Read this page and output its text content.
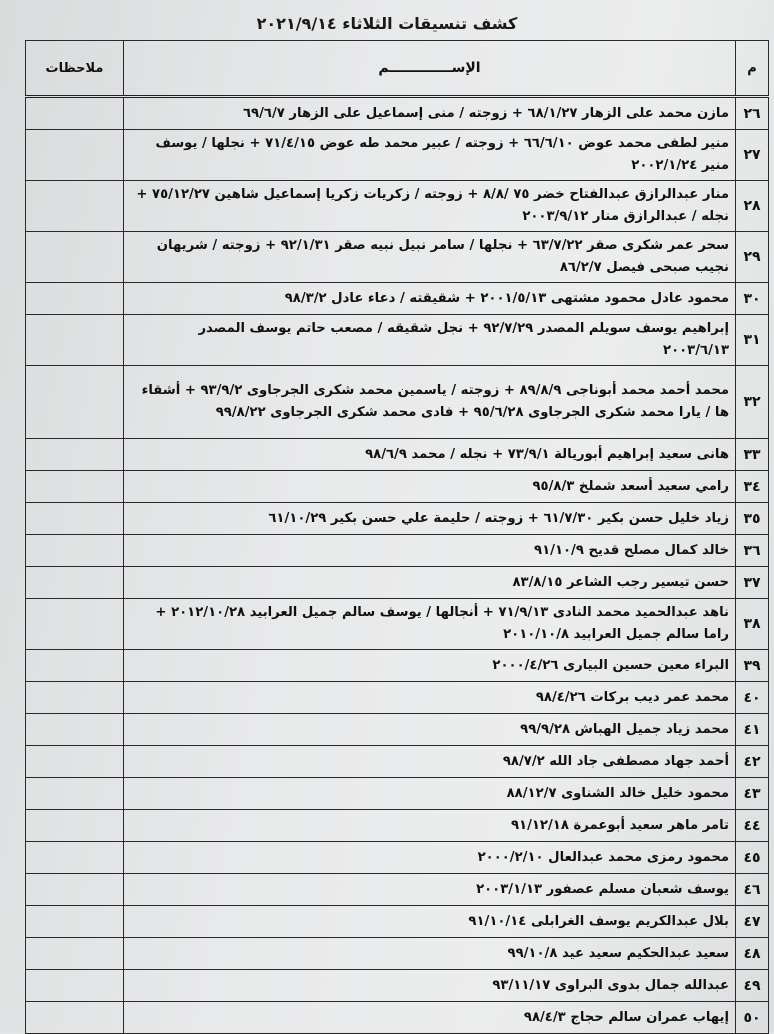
كشف تنسيقات الثلاثاء ٢٠٢١/٩/١٤
م	الإســـــــــــــم	ملاحظات
٢٦	مازن محمد على الزهار ٦٨/١/٢٧ + زوجته / منى إسماعيل على الزهار ٦٩/٦/٧	
٢٧	منير لطفى محمد عوض ٦٦/٦/١٠ + زوجته / عبير محمد طه عوض ٧١/٤/١٥ + نجلها / يوسف منير ٢٠٠٢/١/٢٤	
٢٨	منار عبدالرازق عبدالفتاح خضر ٧٥ /٨/٨ + زوجته / زكريات زكريا إسماعيل شاهين ٧٥/١٢/٢٧ + نجله / عبدالرازق منار ٢٠٠٣/٩/١٢	
٢٩	سحر عمر شكرى صقر ٦٣/٧/٢٢ + نجلها / سامر نبيل نبيه صقر ٩٢/١/٣١ + زوجته / شريهان نجيب صبحى فيصل ٨٦/٢/٧	
٣٠	محمود عادل محمود مشتهى ٢٠٠١/٥/١٣ + شقيقته / دعاء عادل ٩٨/٣/٢	
٣١	إبراهيم يوسف سويلم المصدر ٩٢/٧/٢٩ + نجل شقيقه / مصعب حاتم يوسف المصدر ٢٠٠٣/٦/١٣	
٣٢	محمد أحمد محمد أبوناجى ٨٩/٨/٩ + زوجته / ياسمين محمد شكرى الجرجاوى ٩٣/٩/٢ + أشقاء ها / يارا محمد شكرى الجرجاوى ٩٥/٦/٢٨ + فادى محمد شكرى الجرجاوى ٩٩/٨/٢٢	
٣٣	هانى سعيد إبراهيم أبوريالة ٧٣/٩/١ + نجله / محمد ٩٨/٦/٩	
٣٤	رامي سعيد أسعد شملخ ٩٥/٨/٣	
٣٥	زياد خليل حسن بكير ٦١/٧/٣٠ + زوجته / حليمة علي حسن بكير ٦١/١٠/٢٩	
٣٦	خالد كمال مصلح قديح ٩١/١٠/٩	
٣٧	حسن تيسير رجب الشاعر ٨٣/٨/١٥	
٣٨	ناهد عبدالحميد محمد النادى ٧١/٩/١٣ + أنجالها / يوسف سالم جميل العرابيد ٢٠١٢/١٠/٢٨ + راما سالم جميل العرابيد ٢٠١٠/١٠/٨	
٣٩	البراء معين حسين البيارى ٢٠٠٠/٤/٢٦	
٤٠	محمد عمر ديب بركات ٩٨/٤/٢٦	
٤١	محمد زياد جميل الهباش ٩٩/٩/٢٨	
٤٢	أحمد جهاد مصطفى جاد الله ٩٨/٧/٢	
٤٣	محمود خليل خالد الشناوى ٨٨/١٢/٧	
٤٤	تامر ماهر سعيد أبوعمرة ٩١/١٢/١٨	
٤٥	محمود رمزى محمد عبدالعال ٢٠٠٠/٢/١٠	
٤٦	يوسف شعبان مسلم عصفور ٢٠٠٣/١/١٣	
٤٧	بلال عبدالكريم يوسف الغرابلى ٩١/١٠/١٤	
٤٨	سعيد عبدالحكيم سعيد عيد ٩٩/١٠/٨	
٤٩	عبدالله جمال بدوى البراوى ٩٣/١١/١٧	
٥٠	إيهاب عمران سالم حجاج ٩٨/٤/٣	
